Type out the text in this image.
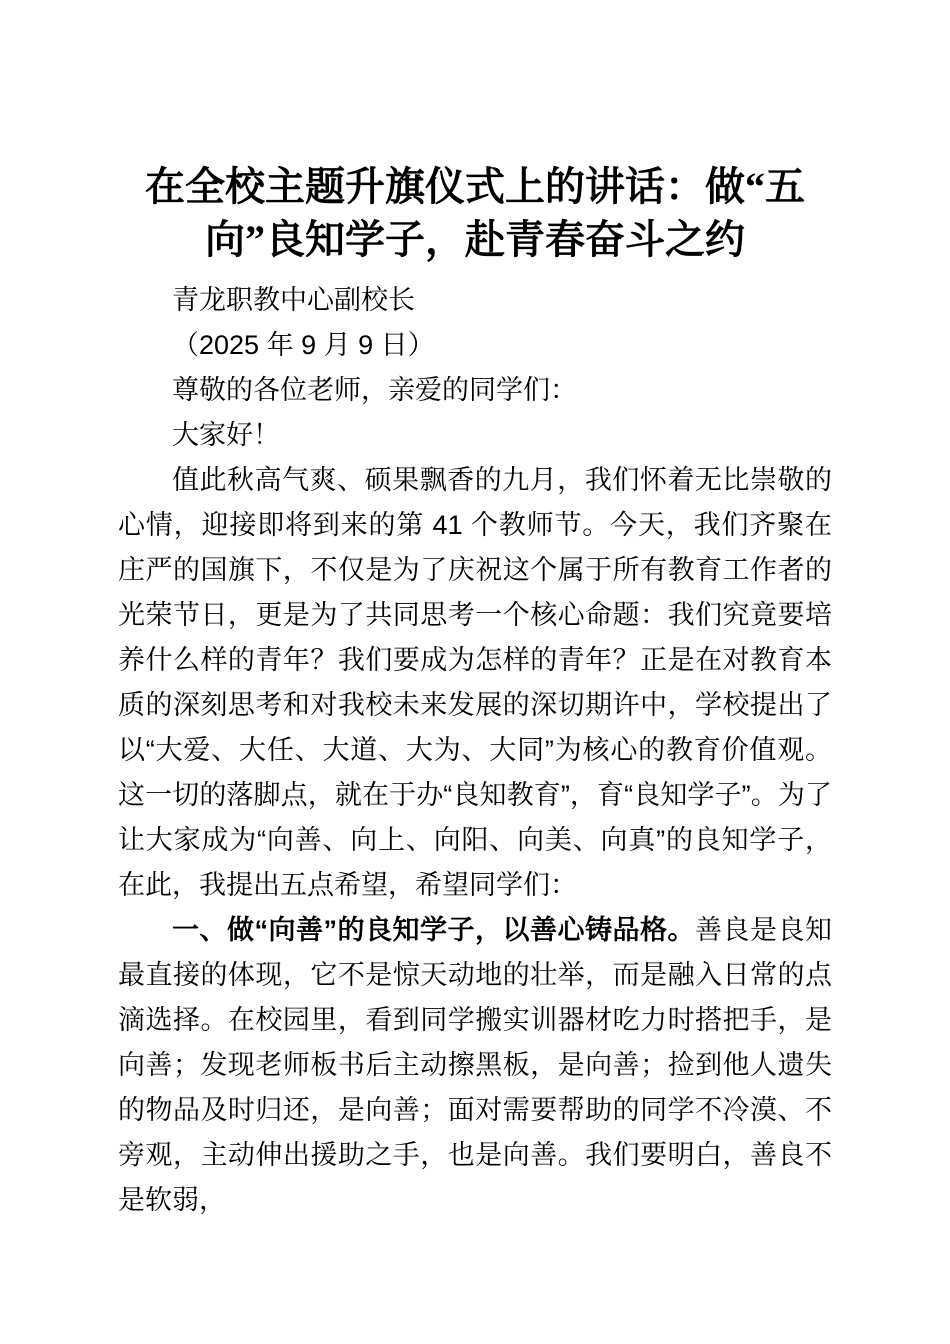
在全校主题升旗仪式上的讲话：做“五向”良知学子，赴青春奋斗之约

青龙职教中心副校长

（2025 年 9 月 9 日）

尊敬的各位老师，亲爱的同学们：

大家好！

值此秋高气爽、硕果飘香的九月，我们怀着无比崇敬的心情，迎接即将到来的第 41 个教师节。今天，我们齐聚在庄严的国旗下，不仅是为了庆祝这个属于所有教育工作者的光荣节日，更是为了共同思考一个核心命题：我们究竟要培养什么样的青年？我们要成为怎样的青年？正是在对教育本质的深刻思考和对我校未来发展的深切期许中，学校提出了以“大爱、大任、大道、大为、大同”为核心的教育价值观。这一切的落脚点，就在于办“良知教育”，育“良知学子”。为了让大家成为“向善、向上、向阳、向美、向真”的良知学子，在此，我提出五点希望，希望同学们：

一、做“向善”的良知学子，以善心铸品格。善良是良知最直接的体现，它不是惊天动地的壮举，而是融入日常的点滴选择。在校园里，看到同学搬实训器材吃力时搭把手，是向善；发现老师板书后主动擦黑板，是向善；捡到他人遗失的物品及时归还，是向善；面对需要帮助的同学不冷漠、不旁观，主动伸出援助之手，也是向善。我们要明白，善良不是软弱，
